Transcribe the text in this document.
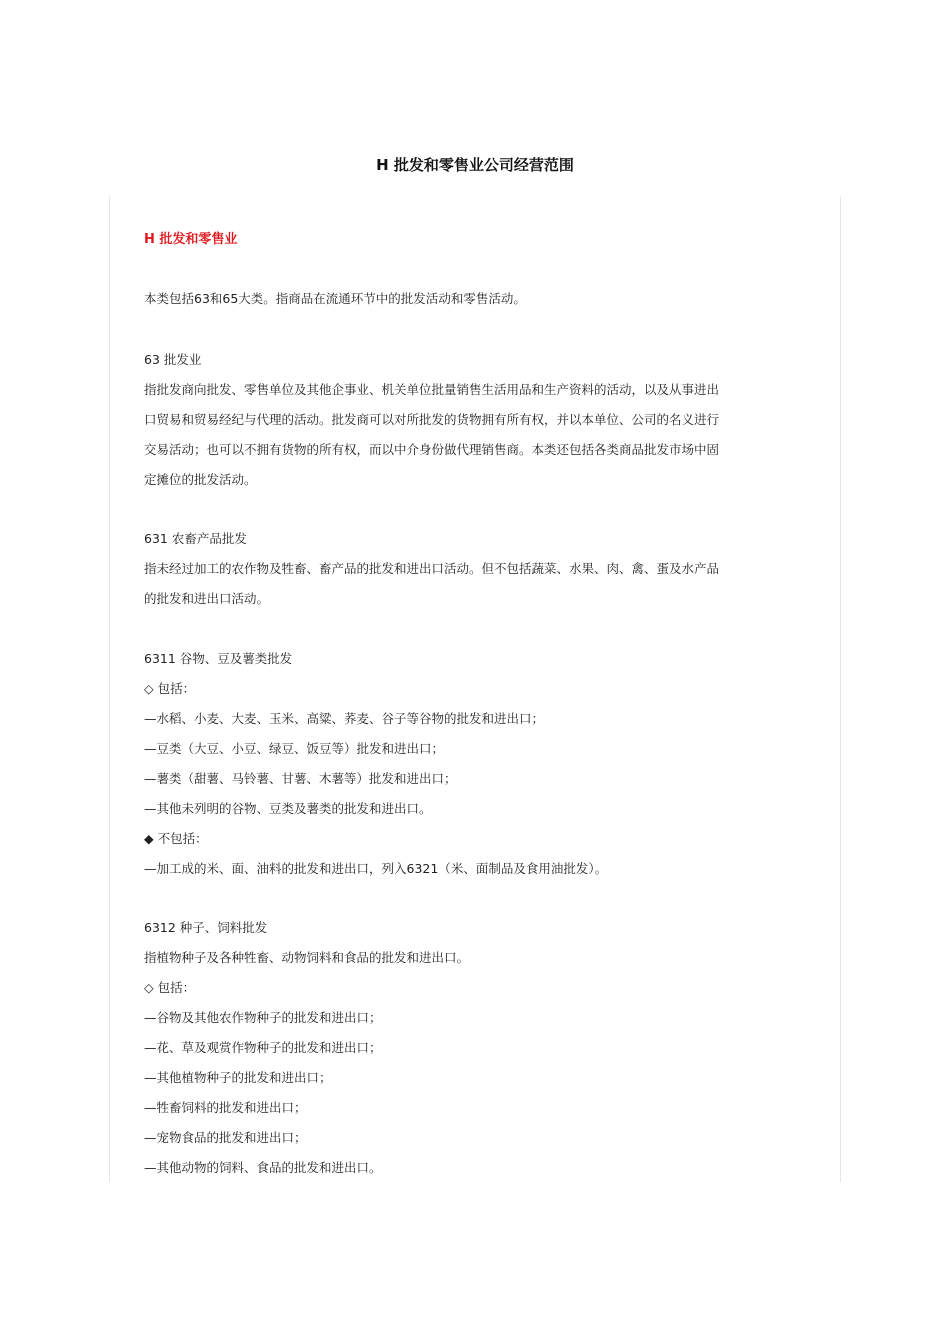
H 批发和零售业公司经营范围
H 批发和零售业

本类包括63和65大类。指商品在流通环节中的批发活动和零售活动。

63 批发业

指批发商向批发、零售单位及其他企事业、机关单位批量销售生活用品和生产资料的活动，以及从事进出

口贸易和贸易经纪与代理的活动。批发商可以对所批发的货物拥有所有权，并以本单位、公司的名义进行

交易活动；也可以不拥有货物的所有权，而以中介身份做代理销售商。本类还包括各类商品批发市场中固

定摊位的批发活动。

631 农畜产品批发

指未经过加工的农作物及牲畜、畜产品的批发和进出口活动。但不包括蔬菜、水果、肉、禽、蛋及水产品

的批发和进出口活动。

6311 谷物、豆及薯类批发

◇ 包括：

—水稻、小麦、大麦、玉米、高粱、荞麦、谷子等谷物的批发和进出口；

—豆类（大豆、小豆、绿豆、饭豆等）批发和进出口；

—薯类（甜薯、马铃薯、甘薯、木薯等）批发和进出口；

—其他未列明的谷物、豆类及薯类的批发和进出口。

◆ 不包括：

—加工成的米、面、油料的批发和进出口，列入6321（米、面制品及食用油批发）。

6312 种子、饲料批发

指植物种子及各种牲畜、动物饲料和食品的批发和进出口。

◇ 包括：

—谷物及其他农作物种子的批发和进出口；

—花、草及观赏作物种子的批发和进出口；

—其他植物种子的批发和进出口；

—牲畜饲料的批发和进出口；

—宠物食品的批发和进出口；

—其他动物的饲料、食品的批发和进出口。
